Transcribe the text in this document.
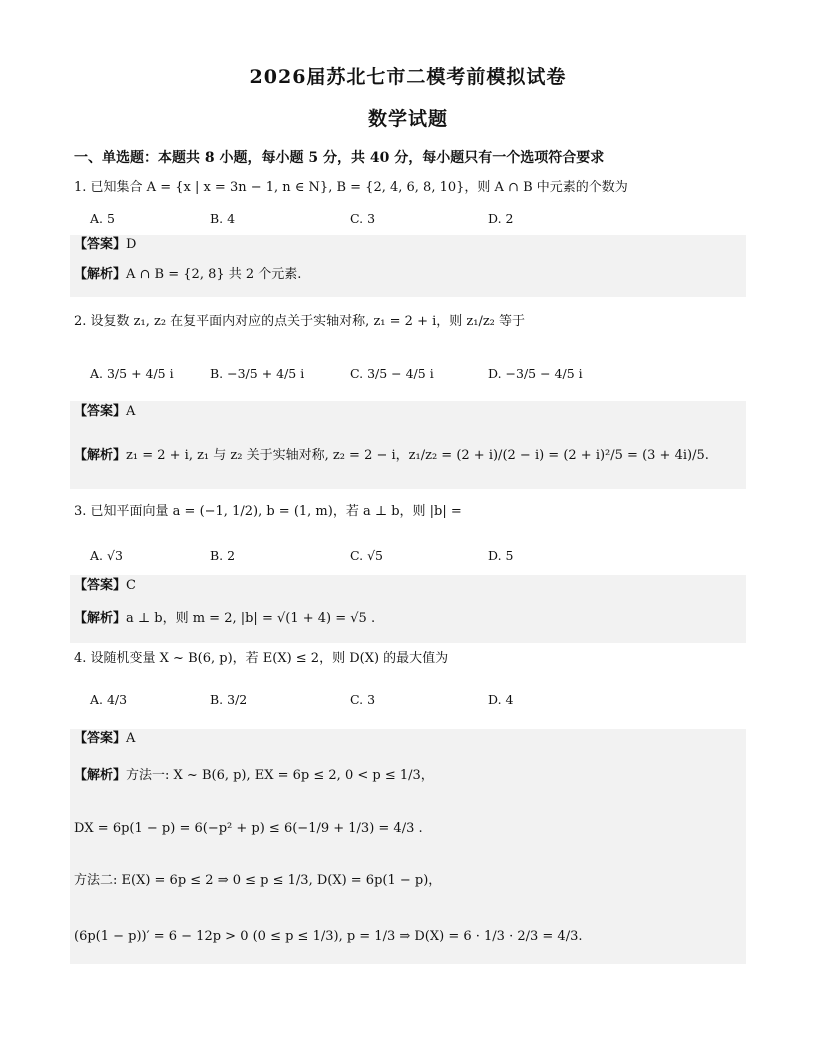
2026届苏北七市二模考前模拟试卷
数学试题
一、单选题：本题共 8 小题，每小题 5 分，共 40 分，每小题只有一个选项符合要求
1. 已知集合 A = {x | x = 3n − 1, n ∈ N}, B = {2, 4, 6, 8, 10}，则 A ∩ B 中元素的个数为
A. 5	B. 4	C. 3	D. 2
【答案】D
【解析】A ∩ B = {2, 8} 共 2 个元素.
2. 设复数 z₁, z₂ 在复平面内对应的点关于实轴对称, z₁ = 2 + i，则 z₁/z₂ 等于
A. 3/5 + 4/5 i	B. −3/5 + 4/5 i	C. 3/5 − 4/5 i	D. −3/5 − 4/5 i
【答案】A
【解析】z₁ = 2 + i, z₁ 与 z₂ 关于实轴对称, z₂ = 2 − i，z₁/z₂ = (2 + i)/(2 − i) = (2 + i)²/5 = (3 + 4i)/5.
3. 已知平面向量 a = (−1, 1/2), b = (1, m)，若 a ⊥ b，则 |b| =
A. √3	B. 2	C. √5	D. 5
【答案】C
【解析】a ⊥ b，则 m = 2, |b| = √(1 + 4) = √5 .
4. 设随机变量 X ~ B(6, p)，若 E(X) ≤ 2，则 D(X) 的最大值为
A. 4/3	B. 3/2	C. 3	D. 4
【答案】A
【解析】方法一: X ~ B(6, p), EX = 6p ≤ 2, 0 < p ≤ 1/3，
DX = 6p(1 − p) = 6(−p² + p) ≤ 6(−1/9 + 1/3) = 4/3 .
方法二: E(X) = 6p ≤ 2 ⇒ 0 ≤ p ≤ 1/3, D(X) = 6p(1 − p)，
(6p(1 − p))′ = 6 − 12p > 0 (0 ≤ p ≤ 1/3), p = 1/3 ⇒ D(X) = 6 · 1/3 · 2/3 = 4/3.
